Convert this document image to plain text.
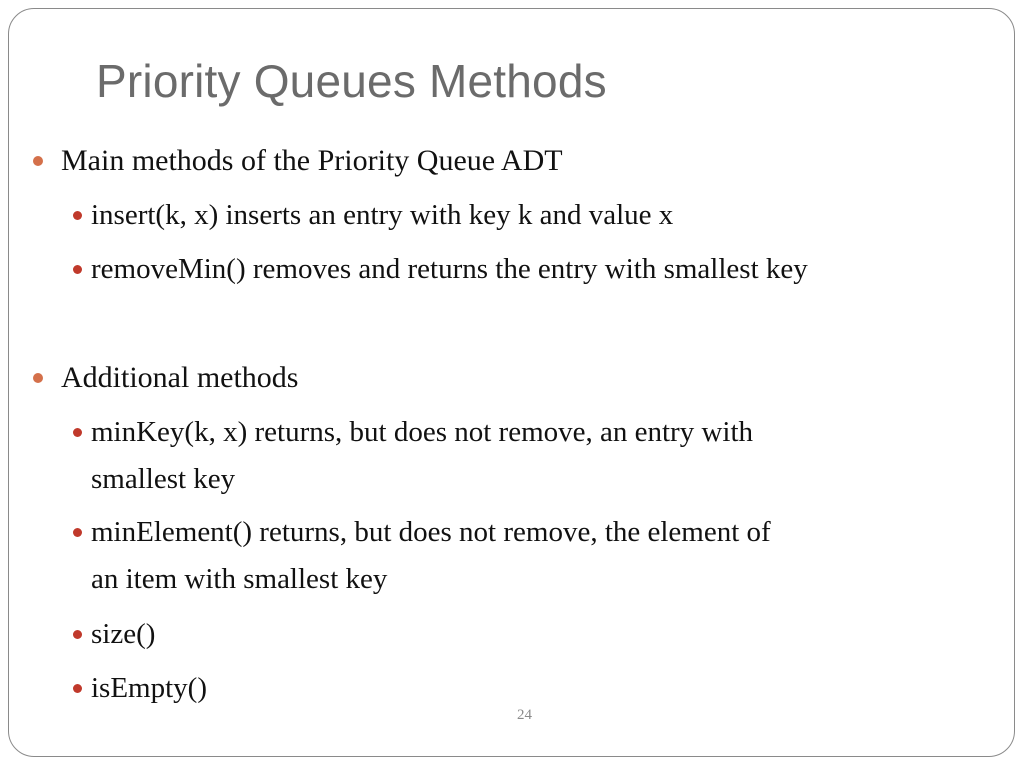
Priority Queues Methods
Main methods of the Priority Queue ADT
insert(k, x) inserts an entry with key k and value x
removeMin() removes and returns the entry with smallest key
Additional methods
minKey(k, x) returns, but does not remove, an entry with
smallest key
minElement() returns, but does not remove, the element of
an item with smallest key
size()
isEmpty()
24
